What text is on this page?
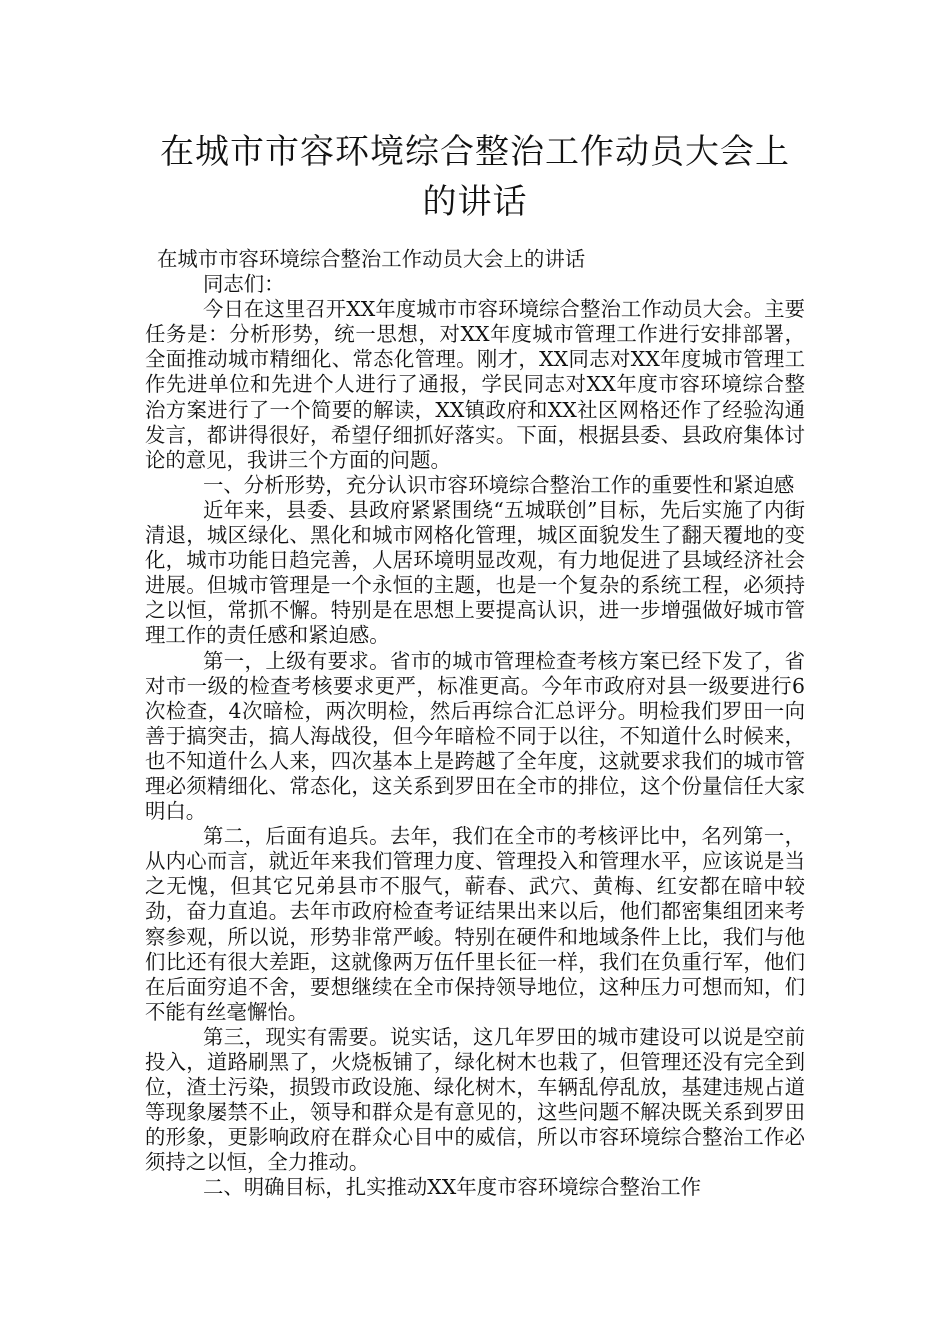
在城市市容环境综合整治工作动员大会上
的讲话

在城市市容环境综合整治工作动员大会上的讲话

同志们：

今日在这里召开XX年度城市市容环境综合整治工作动员大会。主要任务是：分析形势，统一思想，对XX年度城市管理工作进行安排部署，全面推动城市精细化、常态化管理。刚才，XX同志对XX年度城市管理工作先进单位和先进个人进行了通报，学民同志对XX年度市容环境综合整治方案进行了一个简要的解读，XX镇政府和XX社区网格还作了经验沟通发言，都讲得很好，希望仔细抓好落实。下面，根据县委、县政府集体讨论的意见，我讲三个方面的问题。

一、分析形势，充分认识市容环境综合整治工作的重要性和紧迫感

近年来，县委、县政府紧紧围绕“五城联创”目标，先后实施了内街清退，城区绿化、黑化和城市网格化管理，城区面貌发生了翻天覆地的变化，城市功能日趋完善，人居环境明显改观，有力地促进了县域经济社会进展。但城市管理是一个永恒的主题，也是一个复杂的系统工程，必须持之以恒，常抓不懈。特别是在思想上要提高认识，进一步增强做好城市管理工作的责任感和紧迫感。

第一，上级有要求。省市的城市管理检查考核方案已经下发了，省对市一级的检查考核要求更严，标准更高。今年市政府对县一级要进行6次检查，4次暗检，两次明检，然后再综合汇总评分。明检我们罗田一向善于搞突击，搞人海战役，但今年暗检不同于以往，不知道什么时候来，也不知道什么人来，四次基本上是跨越了全年度，这就要求我们的城市管理必须精细化、常态化，这关系到罗田在全市的排位，这个份量信任大家明白。

第二，后面有追兵。去年，我们在全市的考核评比中，名列第一，从内心而言，就近年来我们管理力度、管理投入和管理水平，应该说是当之无愧，但其它兄弟县市不服气，蕲春、武穴、黄梅、红安都在暗中较劲，奋力直追。去年市政府检查考证结果出来以后，他们都密集组团来考察参观，所以说，形势非常严峻。特别在硬件和地域条件上比，我们与他们比还有很大差距，这就像两万伍仟里长征一样，我们在负重行军，他们在后面穷追不舍，要想继续在全市保持领导地位，这种压力可想而知，们不能有丝毫懈怡。

第三，现实有需要。说实话，这几年罗田的城市建设可以说是空前投入，道路刷黑了，火烧板铺了，绿化树木也栽了，但管理还没有完全到位，渣土污染，损毁市政设施、绿化树木，车辆乱停乱放，基建违规占道等现象屡禁不止，领导和群众是有意见的，这些问题不解决既关系到罗田的形象，更影响政府在群众心目中的威信，所以市容环境综合整治工作必须持之以恒，全力推动。

二、明确目标，扎实推动XX年度市容环境综合整治工作
